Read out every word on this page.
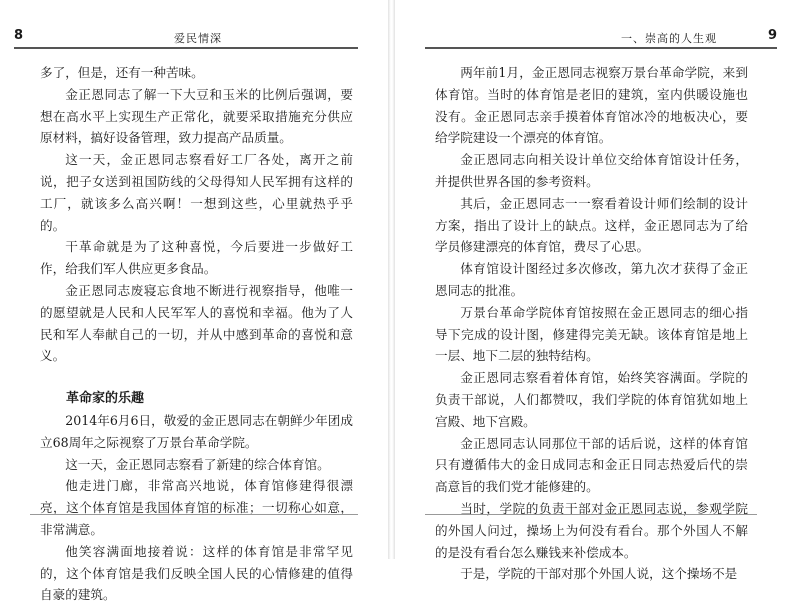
8	爱民情深

多了，但是，还有一种苦味。

金正恩同志了解一下大豆和玉米的比例后强调，要想在高水平上实现生产正常化，就要采取措施充分供应原材料，搞好设备管理，致力提高产品质量。

这一天，金正恩同志察看好工厂各处，离开之前说，把子女送到祖国防线的父母得知人民军拥有这样的工厂，就该多么高兴啊！一想到这些，心里就热乎乎的。

干革命就是为了这种喜悦，今后要进一步做好工作，给我们军人供应更多食品。

金正恩同志废寝忘食地不断进行视察指导，他唯一的愿望就是人民和人民军军人的喜悦和幸福。他为了人民和军人奉献自己的一切，并从中感到革命的喜悦和意义。

革命家的乐趣

2014年6月6日，敬爱的金正恩同志在朝鲜少年团成立68周年之际视察了万景台革命学院。

这一天，金正恩同志察看了新建的综合体育馆。

他走进门廊，非常高兴地说，体育馆修建得很漂亮，这个体育馆是我国体育馆的标准；一切称心如意，非常满意。

他笑容满面地接着说：这样的体育馆是非常罕见的，这个体育馆是我们反映全国人民的心情修建的值得自豪的建筑。

一、崇高的人生观	9

两年前1月，金正恩同志视察万景台革命学院，来到体育馆。当时的体育馆是老旧的建筑，室内供暖设施也没有。金正恩同志亲手摸着体育馆冰冷的地板决心，要给学院建设一个漂亮的体育馆。

金正恩同志向相关设计单位交给体育馆设计任务，并提供世界各国的参考资料。

其后，金正恩同志一一察看着设计师们绘制的设计方案，指出了设计上的缺点。这样，金正恩同志为了给学员修建漂亮的体育馆，费尽了心思。

体育馆设计图经过多次修改，第九次才获得了金正恩同志的批准。

万景台革命学院体育馆按照在金正恩同志的细心指导下完成的设计图，修建得完美无缺。该体育馆是地上一层、地下二层的独特结构。

金正恩同志察看着体育馆，始终笑容满面。学院的负责干部说，人们都赞叹，我们学院的体育馆犹如地上宫殿、地下宫殿。

金正恩同志认同那位干部的话后说，这样的体育馆只有遵循伟大的金日成同志和金正日同志热爱后代的崇高意旨的我们党才能修建的。

当时，学院的负责干部对金正恩同志说，参观学院的外国人问过，操场上为何没有看台。那个外国人不解的是没有看台怎么赚钱来补偿成本。

于是，学院的干部对那个外国人说，这个操场不是
